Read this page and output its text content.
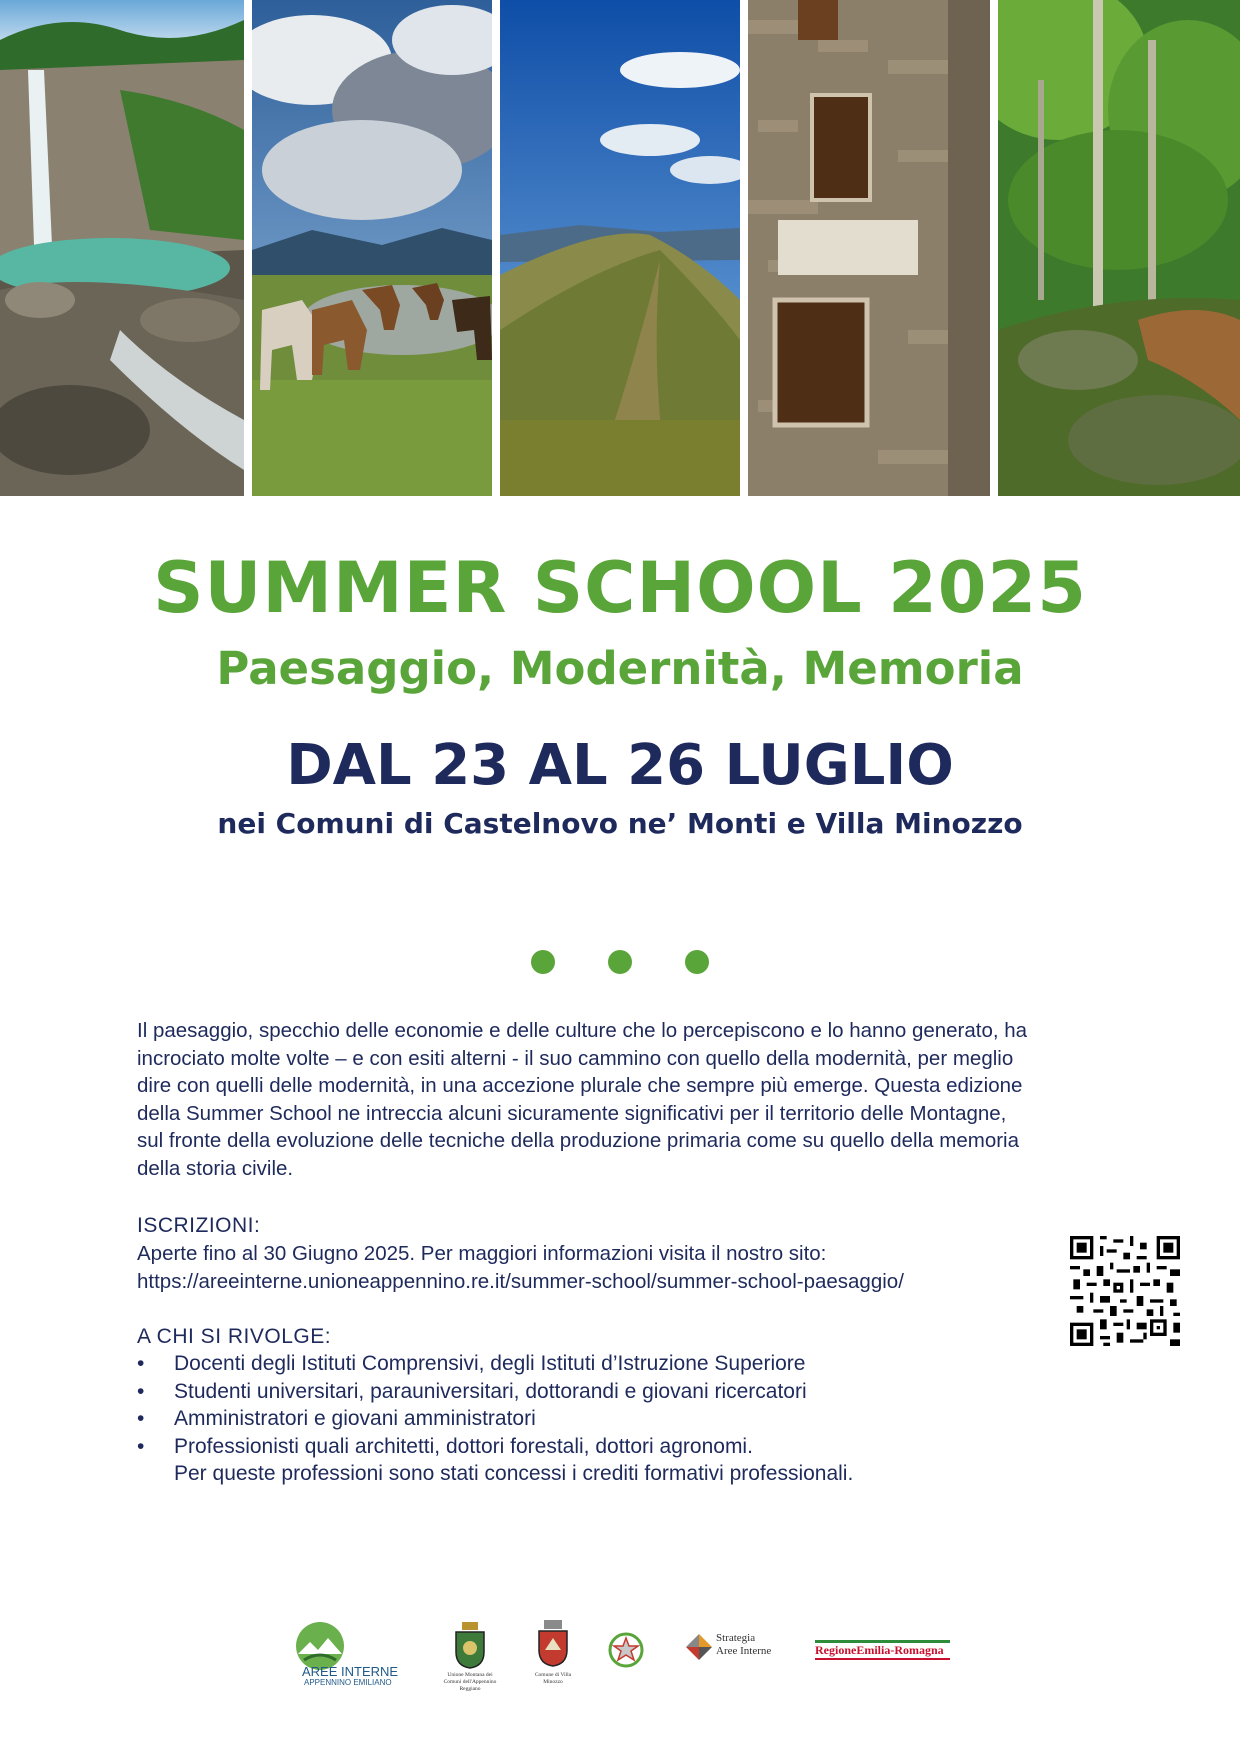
SUMMER SCHOOL 2025
Paesaggio, Modernità, Memoria
DAL 23 AL 26 LUGLIO

nei Comuni di Castelnovo ne’ Monti e Villa Minozzo

Il paesaggio, specchio delle economie e delle culture che lo percepiscono e lo hanno generato, ha
incrociato molte volte – e con esiti alterni - il suo cammino con quello della modernità, per meglio
dire con quelli delle modernità, in una accezione plurale che sempre più emerge. Questa edizione
della Summer School ne intreccia alcuni sicuramente significativi per il territorio delle Montagne,
sul fronte della evoluzione delle tecniche della produzione primaria come su quello della memoria
della storia civile.

ISCRIZIONI:

Aperte fino al 30 Giugno 2025. Per maggiori informazioni visita il nostro sito:
https://areeinterne.unioneappennino.re.it/summer-school/summer-school-paesaggio/

A CHI SI RIVOLGE:

• Docenti degli Istituti Comprensivi, degli Istituti d’Istruzione Superiore
• Studenti universitari, parauniversitari, dottorandi e giovani ricercatori
• Amministratori e giovani amministratori
• Professionisti quali architetti, dottori forestali, dottori agronomi.
Per queste professioni sono stati concessi i crediti formativi professionali.
AREE INTERNE
APPENNINO EMILIANO
Unione Montana dei Comuni dell'Appennino Reggiano
Comune di Villa Minozzo
Strategia
Aree Interne	RegioneEmilia-Romagna
